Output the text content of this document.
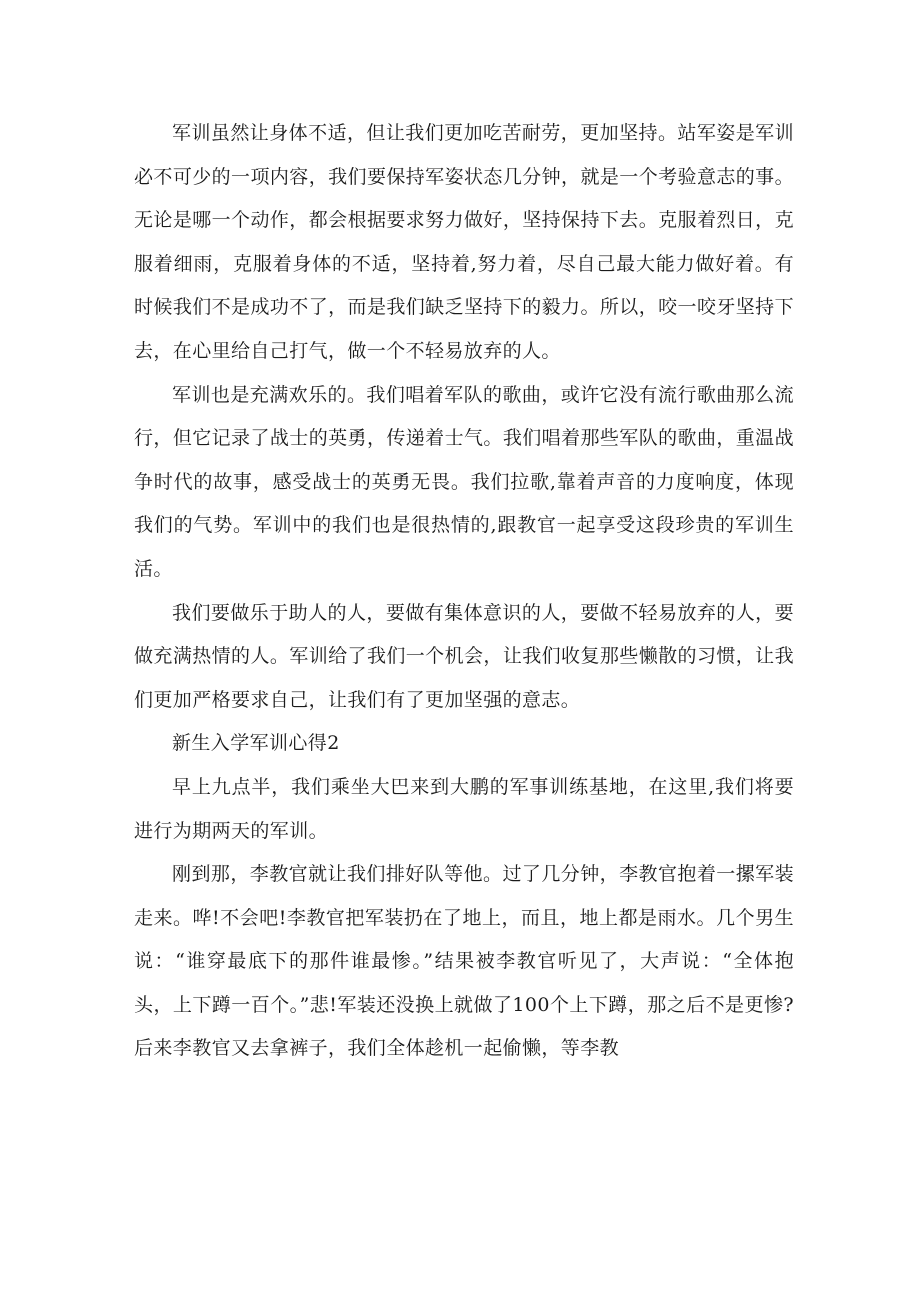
军训虽然让身体不适，但让我们更加吃苦耐劳，更加坚持。站军姿是军训必不可少的一项内容，我们要保持军姿状态几分钟，就是一个考验意志的事。无论是哪一个动作，都会根据要求努力做好，坚持保持下去。克服着烈日，克服着细雨，克服着身体的不适，坚持着,努力着，尽自己最大能力做好着。有时候我们不是成功不了，而是我们缺乏坚持下的毅力。所以，咬一咬牙坚持下去，在心里给自己打气，做一个不轻易放弃的人。

军训也是充满欢乐的。我们唱着军队的歌曲，或许它没有流行歌曲那么流行，但它记录了战士的英勇，传递着士气。我们唱着那些军队的歌曲，重温战争时代的故事，感受战士的英勇无畏。我们拉歌,靠着声音的力度响度，体现我们的气势。军训中的我们也是很热情的,跟教官一起享受这段珍贵的军训生活。

我们要做乐于助人的人，要做有集体意识的人，要做不轻易放弃的人，要做充满热情的人。军训给了我们一个机会，让我们收复那些懒散的习惯，让我们更加严格要求自己，让我们有了更加坚强的意志。

新生入学军训心得2

早上九点半，我们乘坐大巴来到大鹏的军事训练基地，在这里,我们将要进行为期两天的军训。

刚到那，李教官就让我们排好队等他。过了几分钟，李教官抱着一摞军装走来。哗!不会吧!李教官把军装扔在了地上，而且，地上都是雨水。几个男生说：“谁穿最底下的那件谁最惨。”结果被李教官听见了，大声说：“全体抱头，上下蹲一百个。”悲!军装还没换上就做了100个上下蹲，那之后不是更惨?后来李教官又去拿裤子，我们全体趁机一起偷懒，等李教
